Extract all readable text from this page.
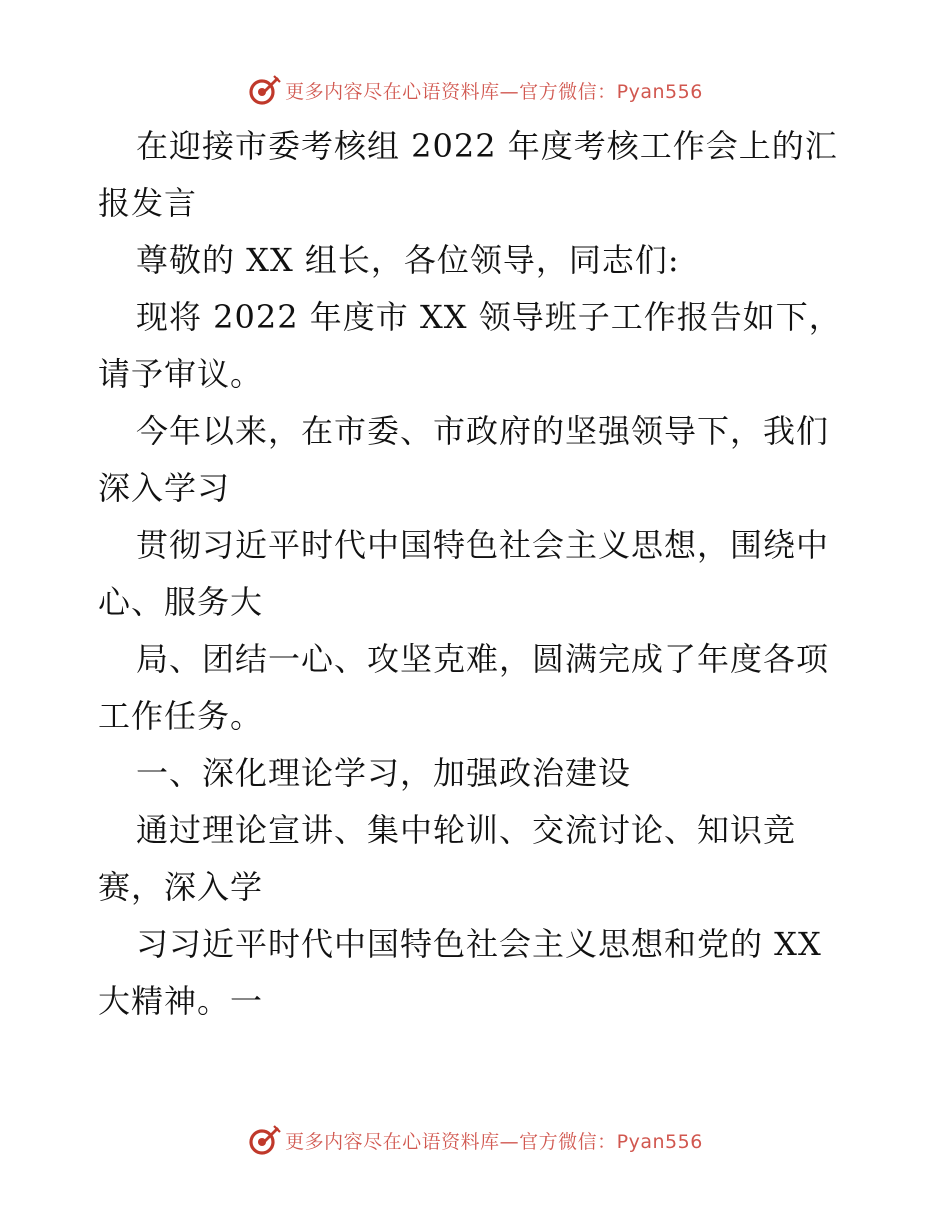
更多内容尽在心语资料库—官方微信：Pyan556

在迎接市委考核组 2022 年度考核工作会上的汇报发言

尊敬的 XX 组长，各位领导，同志们:

现将 2022 年度市 XX 领导班子工作报告如下，请予审议。

今年以来，在市委、市政府的坚强领导下，我们深入学习

贯彻习近平时代中国特色社会主义思想，围绕中心、服务大

局、团结一心、攻坚克难，圆满完成了年度各项工作任务。

一、深化理论学习，加强政治建设

通过理论宣讲、集中轮训、交流讨论、知识竞赛，深入学

习习近平时代中国特色社会主义思想和党的 XX 大精神。一

更多内容尽在心语资料库—官方微信：Pyan556
